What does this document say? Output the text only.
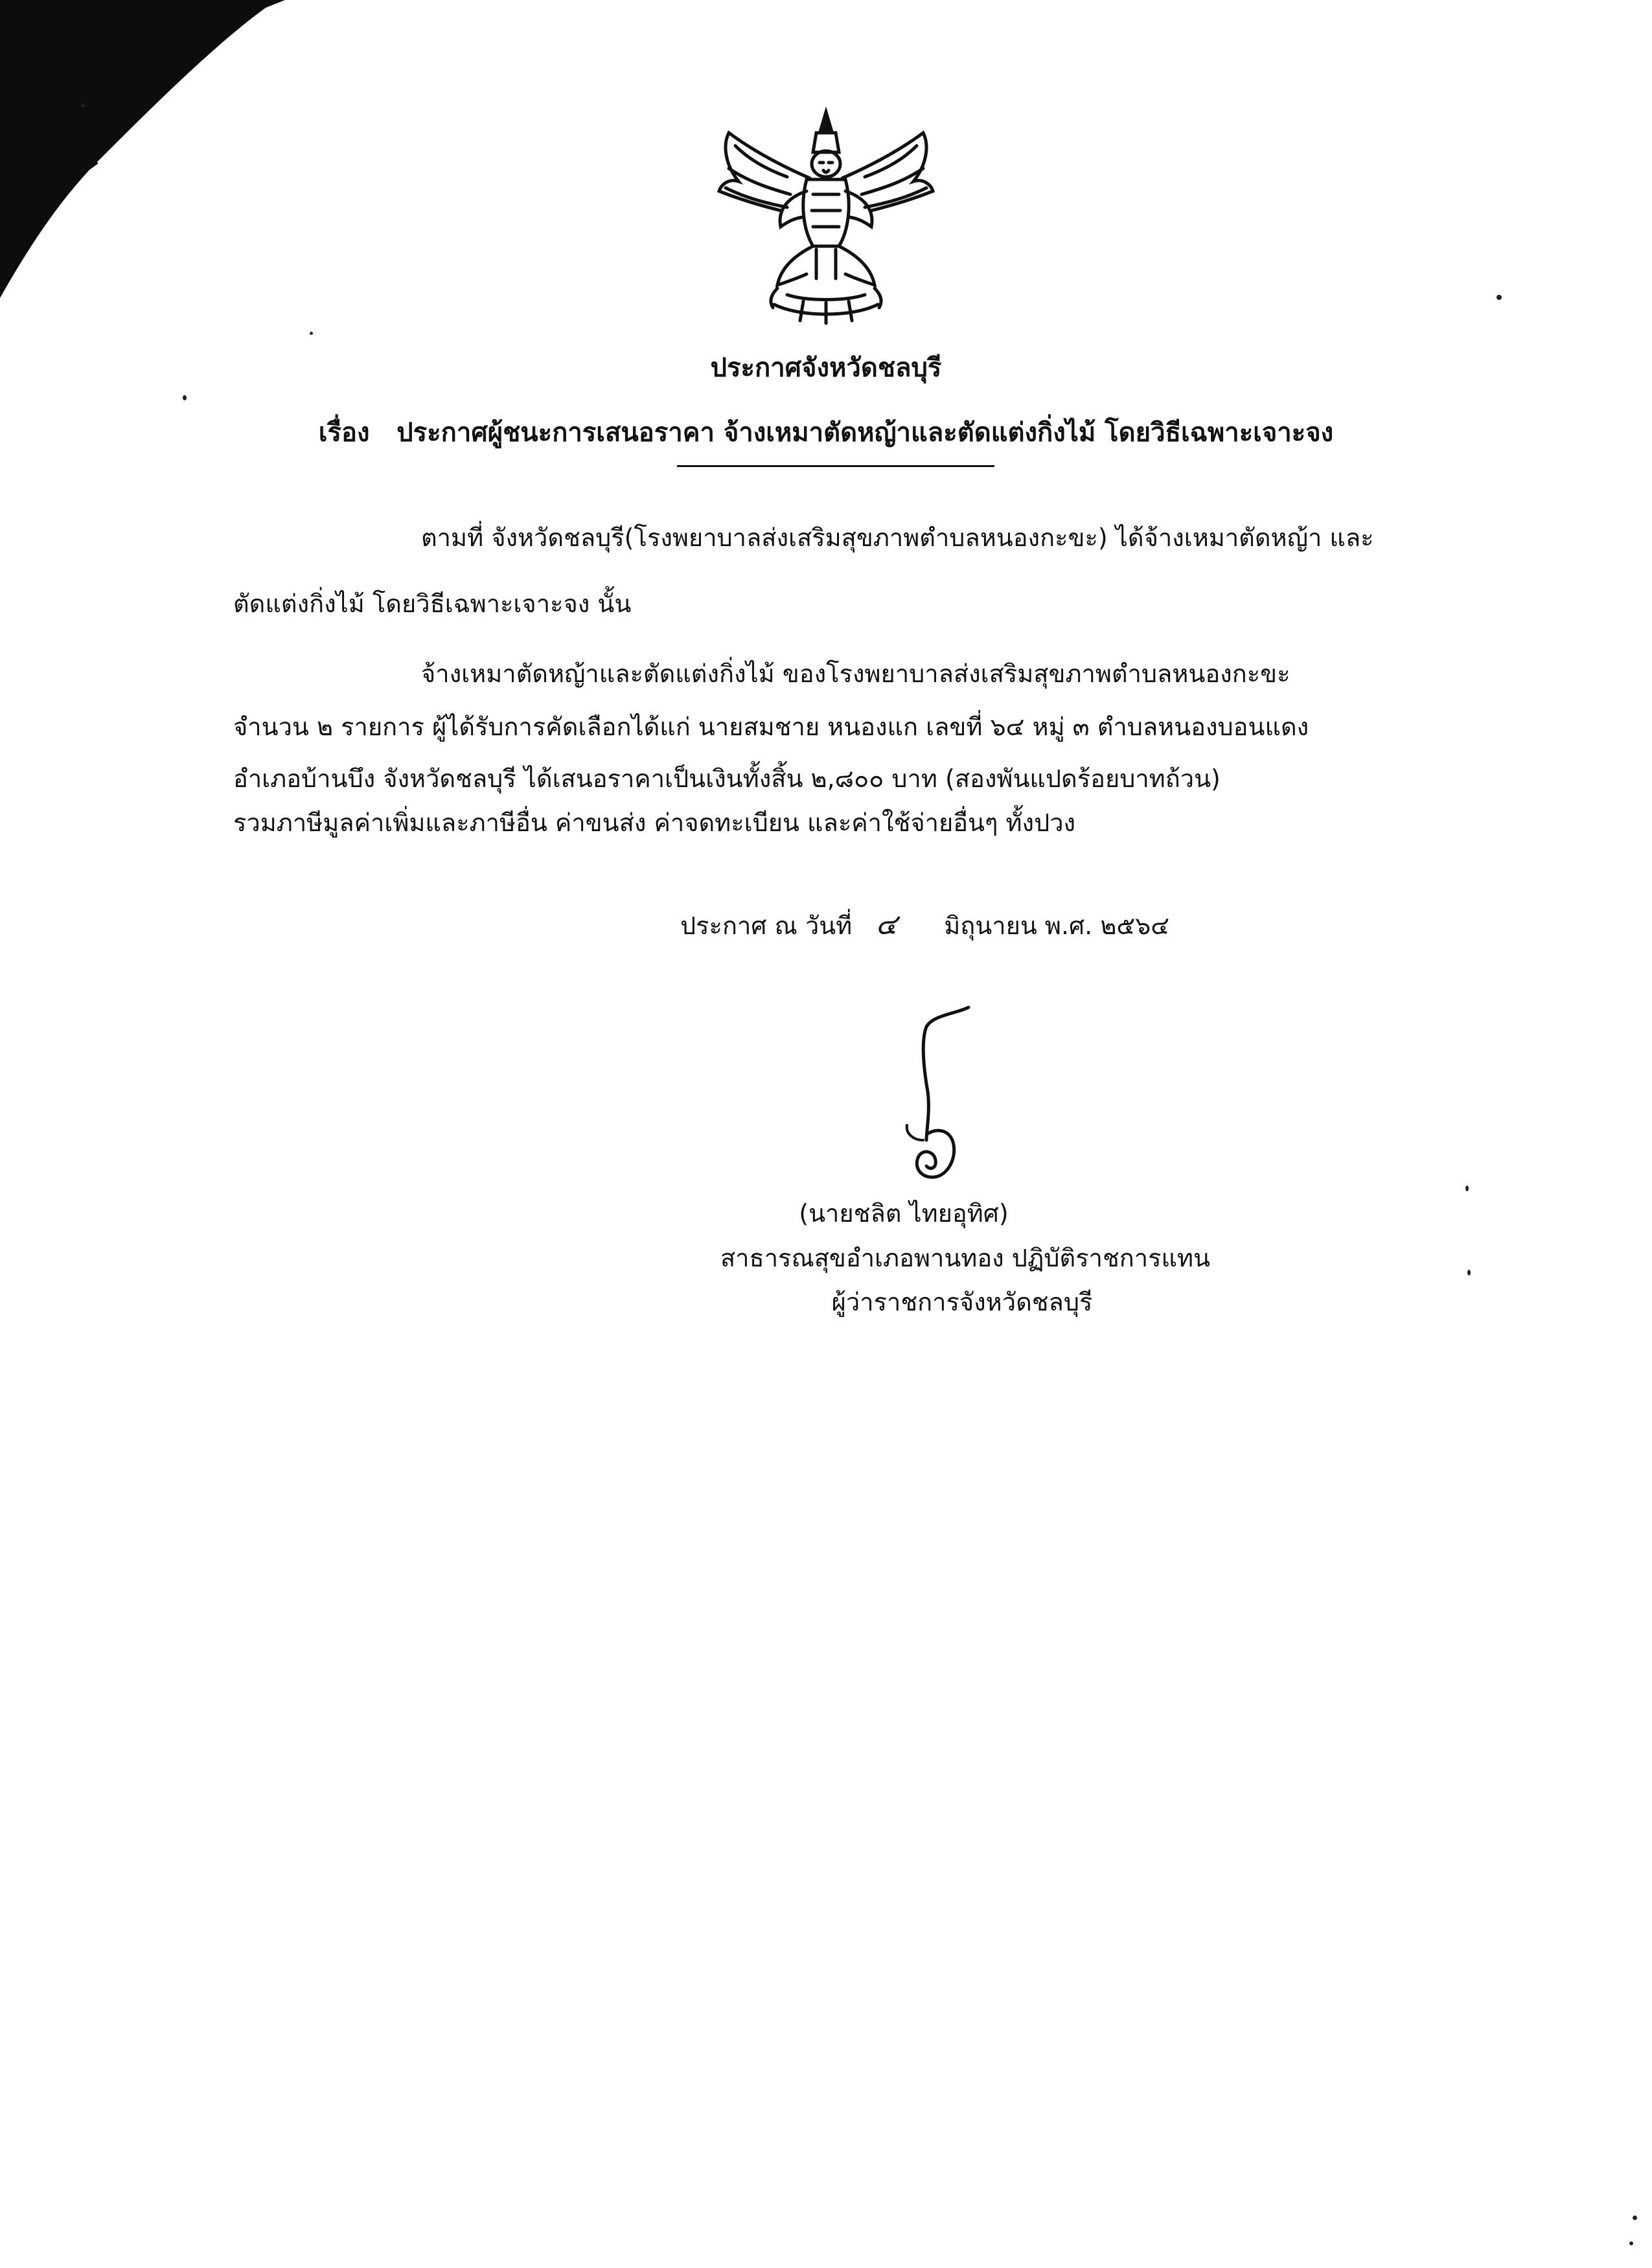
ประกาศจังหวัดชลบุรี
เรื่อง ประกาศผู้ชนะการเสนอราคา จ้างเหมาตัดหญ้าและตัดแต่งกิ่งไม้ โดยวิธีเฉพาะเจาะจง
ตามที่ จังหวัดชลบุรี(โรงพยาบาลส่งเสริมสุขภาพตำบลหนองกะขะ) ได้จ้างเหมาตัดหญ้า และ
ตัดแต่งกิ่งไม้ โดยวิธีเฉพาะเจาะจง นั้น
จ้างเหมาตัดหญ้าและตัดแต่งกิ่งไม้ ของโรงพยาบาลส่งเสริมสุขภาพตำบลหนองกะขะ
จำนวน ๒ รายการ ผู้ได้รับการคัดเลือกได้แก่ นายสมชาย หนองแก เลขที่ ๖๔ หมู่ ๓ ตำบลหนองบอนแดง
อำเภอบ้านบึง จังหวัดชลบุรี ได้เสนอราคาเป็นเงินทั้งสิ้น ๒,๘๐๐ บาท (สองพันแปดร้อยบาทถ้วน)
รวมภาษีมูลค่าเพิ่มและภาษีอื่น ค่าขนส่ง ค่าจดทะเบียน และค่าใช้จ่ายอื่นๆ ทั้งปวง
ประกาศ ณ วันที่ ๔ มิถุนายน พ.ศ. ๒๕๖๔
(นายชลิต ไทยอุทิศ)
สาธารณสุขอำเภอพานทอง ปฏิบัติราชการแทน
ผู้ว่าราชการจังหวัดชลบุรี
